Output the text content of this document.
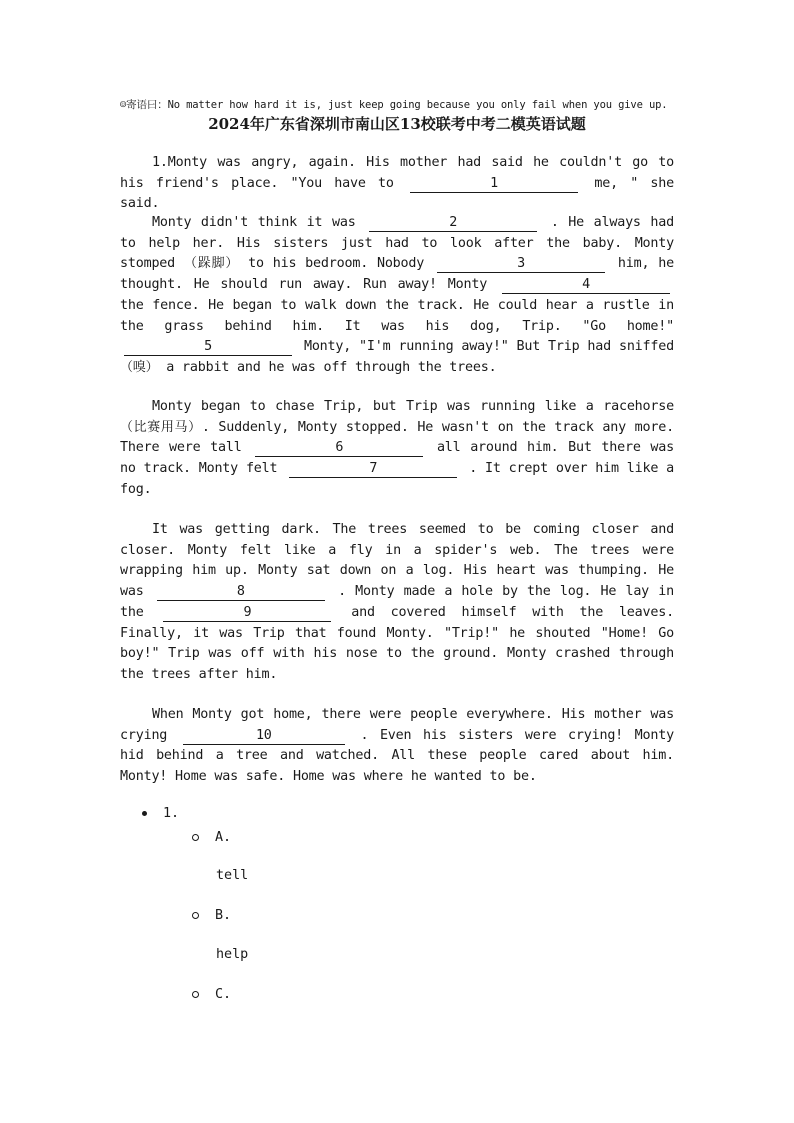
☺寄语曰：No matter how hard it is, just keep going because you only fail when you give up.
2024年广东省深圳市南山区13校联考中考二模英语试题

1.Monty was angry, again. His mother had said he couldn't go to his friend's place. "You have to	1	me, " she said.

Monty didn't think it was	2	. He always had to help her. His sisters just had to look after the baby. Monty stomped （跺脚） to his bedroom. Nobody	3	him, he thought. He should run away. Run away! Monty	4 the fence. He began to walk down the track. He could hear a rustle in the grass behind him. It was his dog, Trip. "Go home!" 5	Monty, "I'm running away!" But Trip had sniffed（嗅） a rabbit and he was off through the trees.

Monty began to chase Trip, but Trip was running like a racehorse（比赛用马）. Suddenly, Monty stopped. He wasn't on the track any more. There were tall	6	all around him. But there was no track. Monty felt	7	. It crept over him like a fog.

It was getting dark. The trees seemed to be coming closer and closer. Monty felt like a fly in a spider's web. The trees were wrapping him up. Monty sat down on a log. His heart was thumping. He was	8	. Monty made a hole by the log. He lay in the	9	and covered himself with the leaves. Finally, it was Trip that found Monty. "Trip!" he shouted "Home! Go boy!" Trip was off with his nose to the ground. Monty crashed through the trees after him.

When Monty got home, there were people everywhere. His mother was crying	10	. Even his sisters were crying! Monty hid behind a tree and watched. All these people cared about him. Monty! Home was safe. Home was where he wanted to be.

1.
A.
tell
B.
help
C.
